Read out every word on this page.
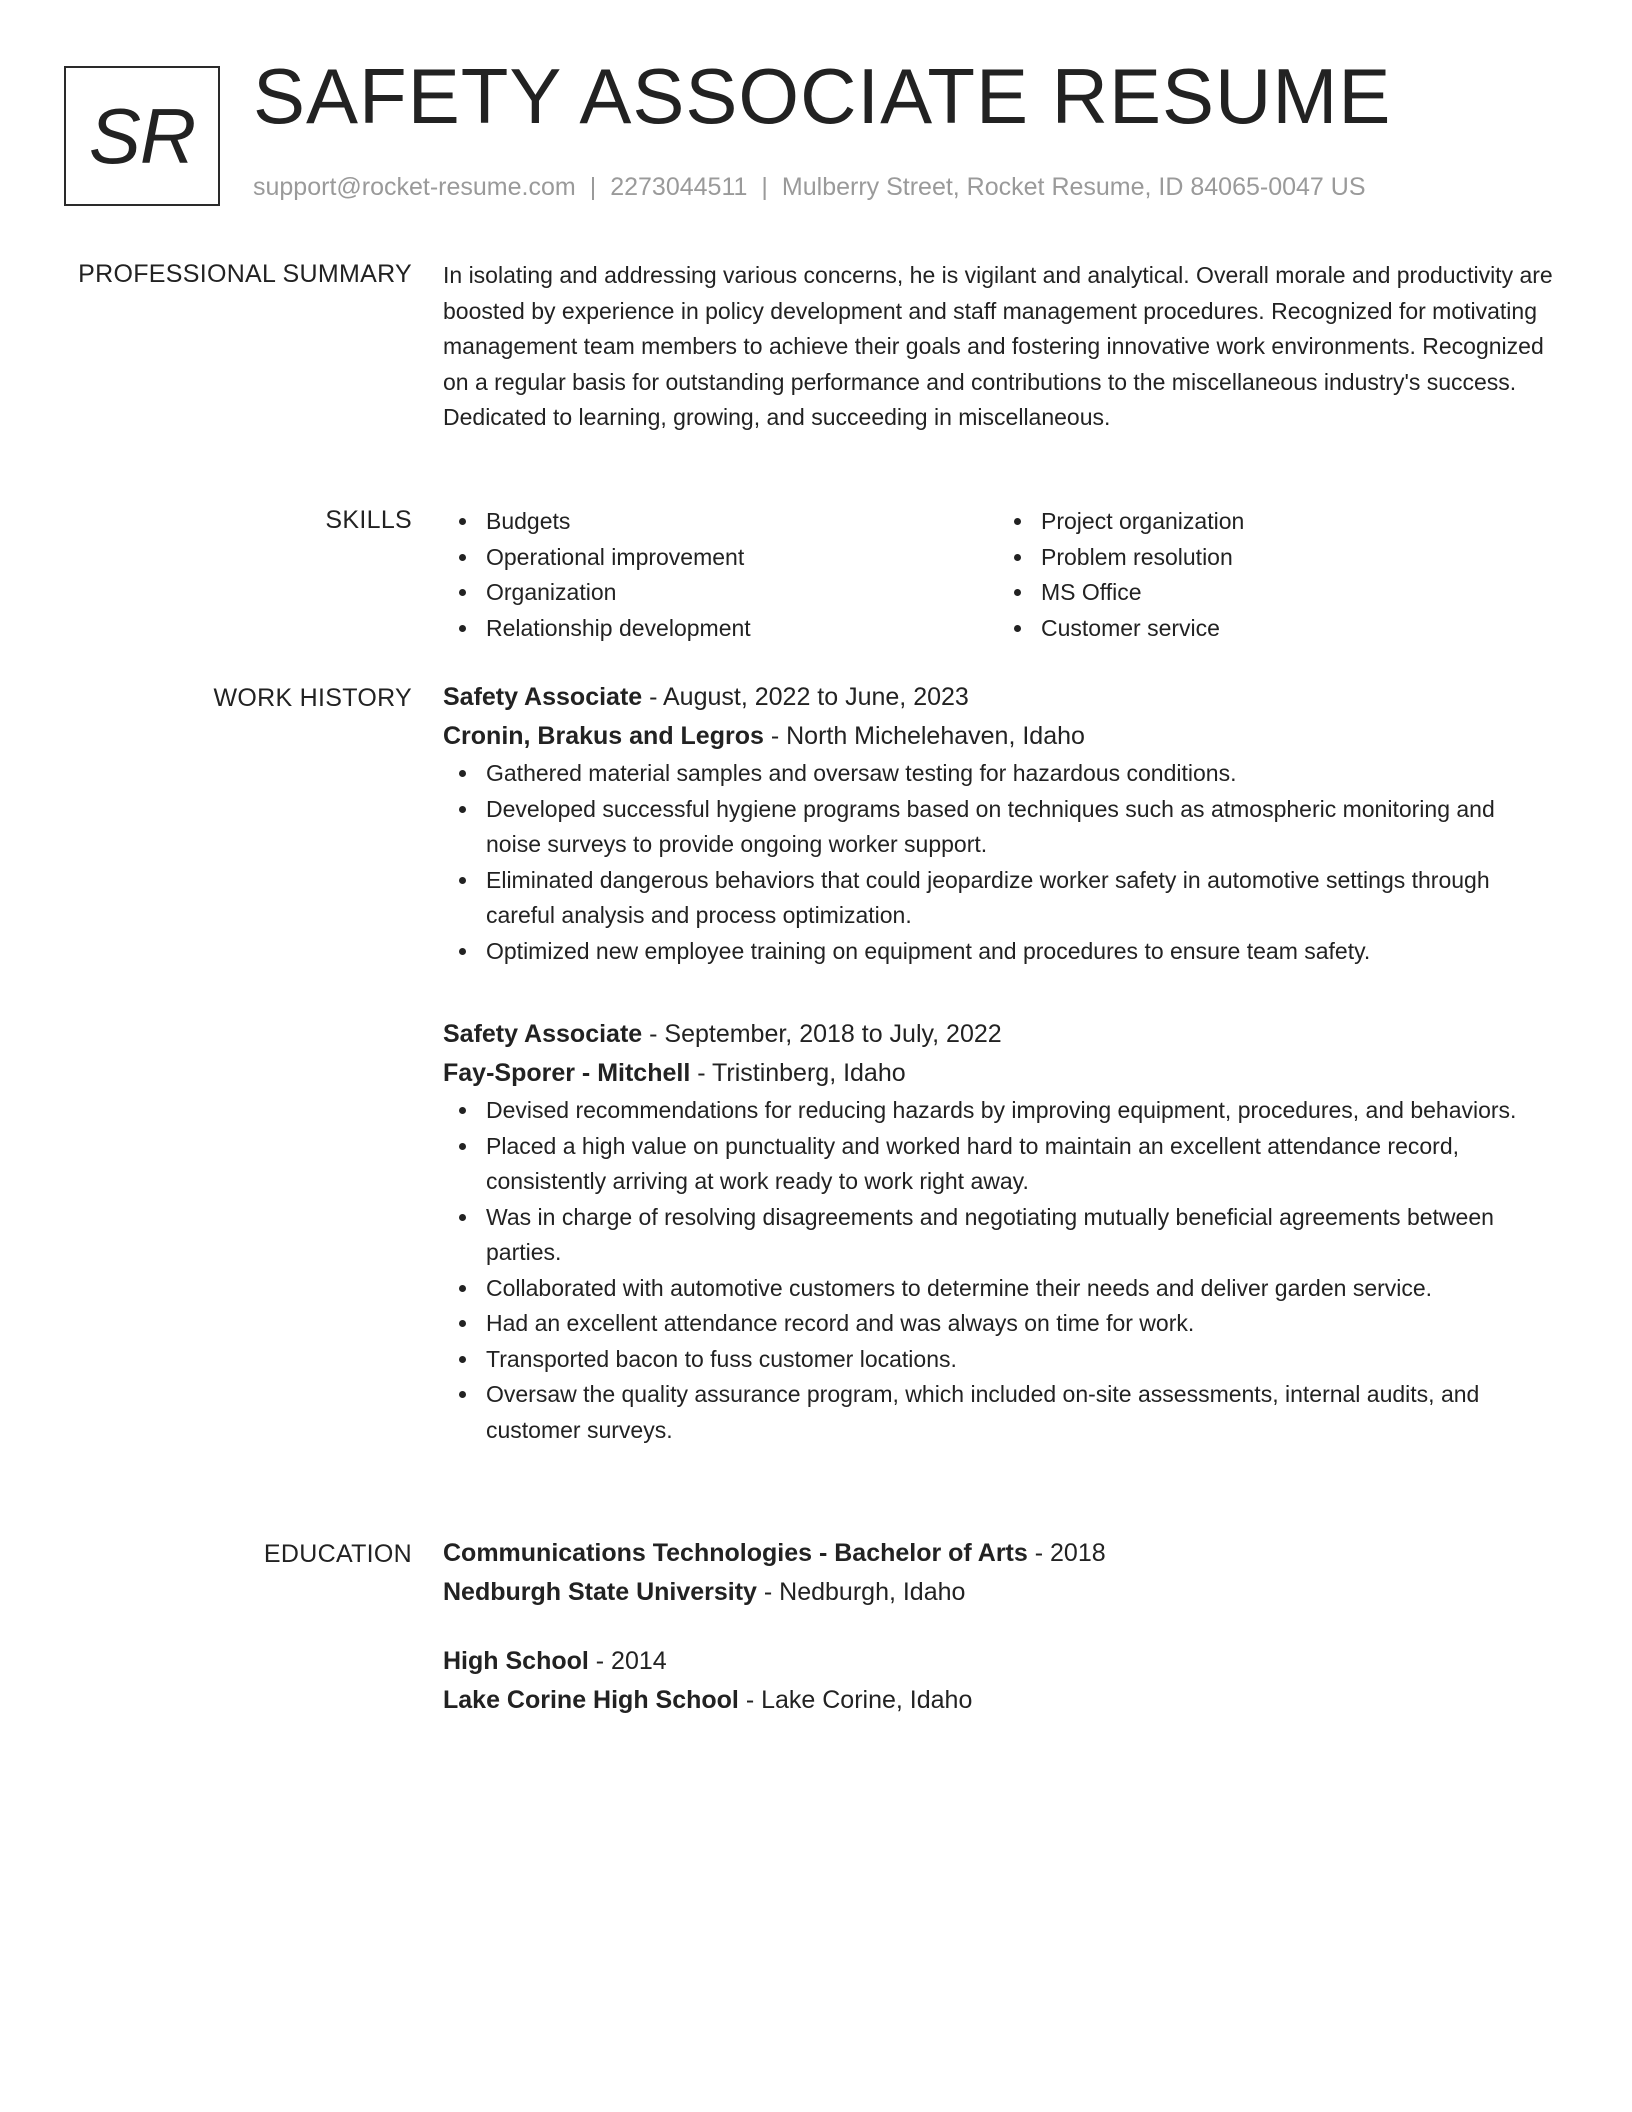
SR SAFETY ASSOCIATE RESUME
support@rocket-resume.com | 2273044511 | Mulberry Street, Rocket Resume, ID 84065-0047 US
PROFESSIONAL SUMMARY In isolating and addressing various concerns, he is vigilant and analytical. Overall morale and productivity are boosted by experience in policy development and staff management procedures. Recognized for motivating management team members to achieve their goals and fostering innovative work environments. Recognized on a regular basis for outstanding performance and contributions to the miscellaneous industry's success. Dedicated to learning, growing, and succeeding in miscellaneous.

SKILLS	Budgets
Operational improvement
Organization
Relationship development
Project organization
Problem resolution
MS Office
Customer service
WORK HISTORY Safety Associate - August, 2022 to June, 2023
Cronin, Brakus and Legros - North Michelehaven, Idaho
Gathered material samples and oversaw testing for hazardous conditions.
Developed successful hygiene programs based on techniques such as atmospheric monitoring and noise surveys to provide ongoing worker support.
Eliminated dangerous behaviors that could jeopardize worker safety in automotive settings through careful analysis and process optimization.
Optimized new employee training on equipment and procedures to ensure team safety.
Safety Associate - September, 2018 to July, 2022
Fay-Sporer - Mitchell - Tristinberg, Idaho
Devised recommendations for reducing hazards by improving equipment, procedures, and behaviors.
Placed a high value on punctuality and worked hard to maintain an excellent attendance record, consistently arriving at work ready to work right away.
Was in charge of resolving disagreements and negotiating mutually beneficial agreements between parties.
Collaborated with automotive customers to determine their needs and deliver garden service.
Had an excellent attendance record and was always on time for work.
Transported bacon to fuss customer locations.
Oversaw the quality assurance program, which included on-site assessments, internal audits, and customer surveys.
EDUCATION Communications Technologies - Bachelor of Arts - 2018
Nedburgh State University - Nedburgh, Idaho
High School - 2014
Lake Corine High School - Lake Corine, Idaho
